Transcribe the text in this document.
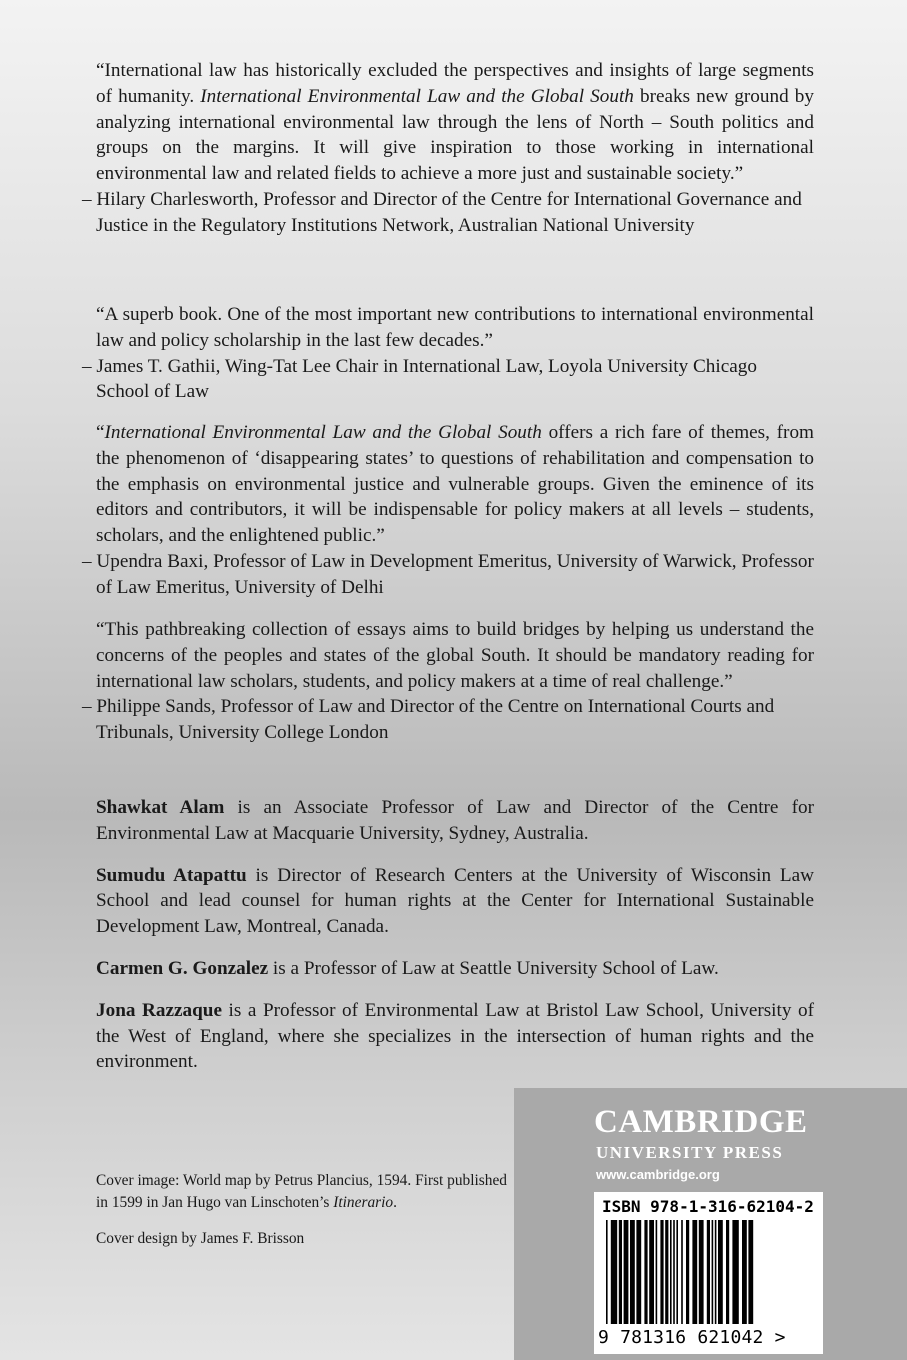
“International law has historically excluded the perspectives and insights of large segments of humanity. International Environmental Law and the Global South breaks new ground by analyzing international environmental law through the lens of North – South politics and groups on the margins. It will give inspiration to those working in international environmental law and related fields to achieve a more just and sustainable society.”

– Hilary Charlesworth, Professor and Director of the Centre for International Governance and Justice in the Regulatory Institutions Network, Australian National University

“A superb book. One of the most important new contributions to international environmental law and policy scholarship in the last few decades.”

– James T. Gathii, Wing-Tat Lee Chair in International Law, Loyola University Chicago School of Law

“International Environmental Law and the Global South offers a rich fare of themes, from the phenomenon of ‘disappearing states’ to questions of rehabilitation and compensation to the emphasis on environmental justice and vulnerable groups. Given the eminence of its editors and contributors, it will be indispensable for policy makers at all levels – students, scholars, and the enlightened public.”

– Upendra Baxi, Professor of Law in Development Emeritus, University of Warwick, Professor of Law Emeritus, University of Delhi

“This pathbreaking collection of essays aims to build bridges by helping us understand the concerns of the peoples and states of the global South. It should be mandatory reading for international law scholars, students, and policy makers at a time of real challenge.”

– Philippe Sands, Professor of Law and Director of the Centre on International Courts and Tribunals, University College London

Shawkat Alam is an Associate Professor of Law and Director of the Centre for Environmental Law at Macquarie University, Sydney, Australia.

Sumudu Atapattu is Director of Research Centers at the University of Wisconsin Law School and lead counsel for human rights at the Center for International Sustainable Development Law, Montreal, Canada.

Carmen G. Gonzalez is a Professor of Law at Seattle University School of Law.

Jona Razzaque is a Professor of Environmental Law at Bristol Law School, University of the West of England, where she specializes in the intersection of human rights and the environment.

Cover image: World map by Petrus Plancius, 1594. First published in 1599 in Jan Hugo van Linschoten’s Itinerario.

Cover design by James F. Brisson

CAMBRIDGE
UNIVERSITY PRESS
www.cambridge.org
ISBN 978-1-316-62104-2
9 781316 621042 >
